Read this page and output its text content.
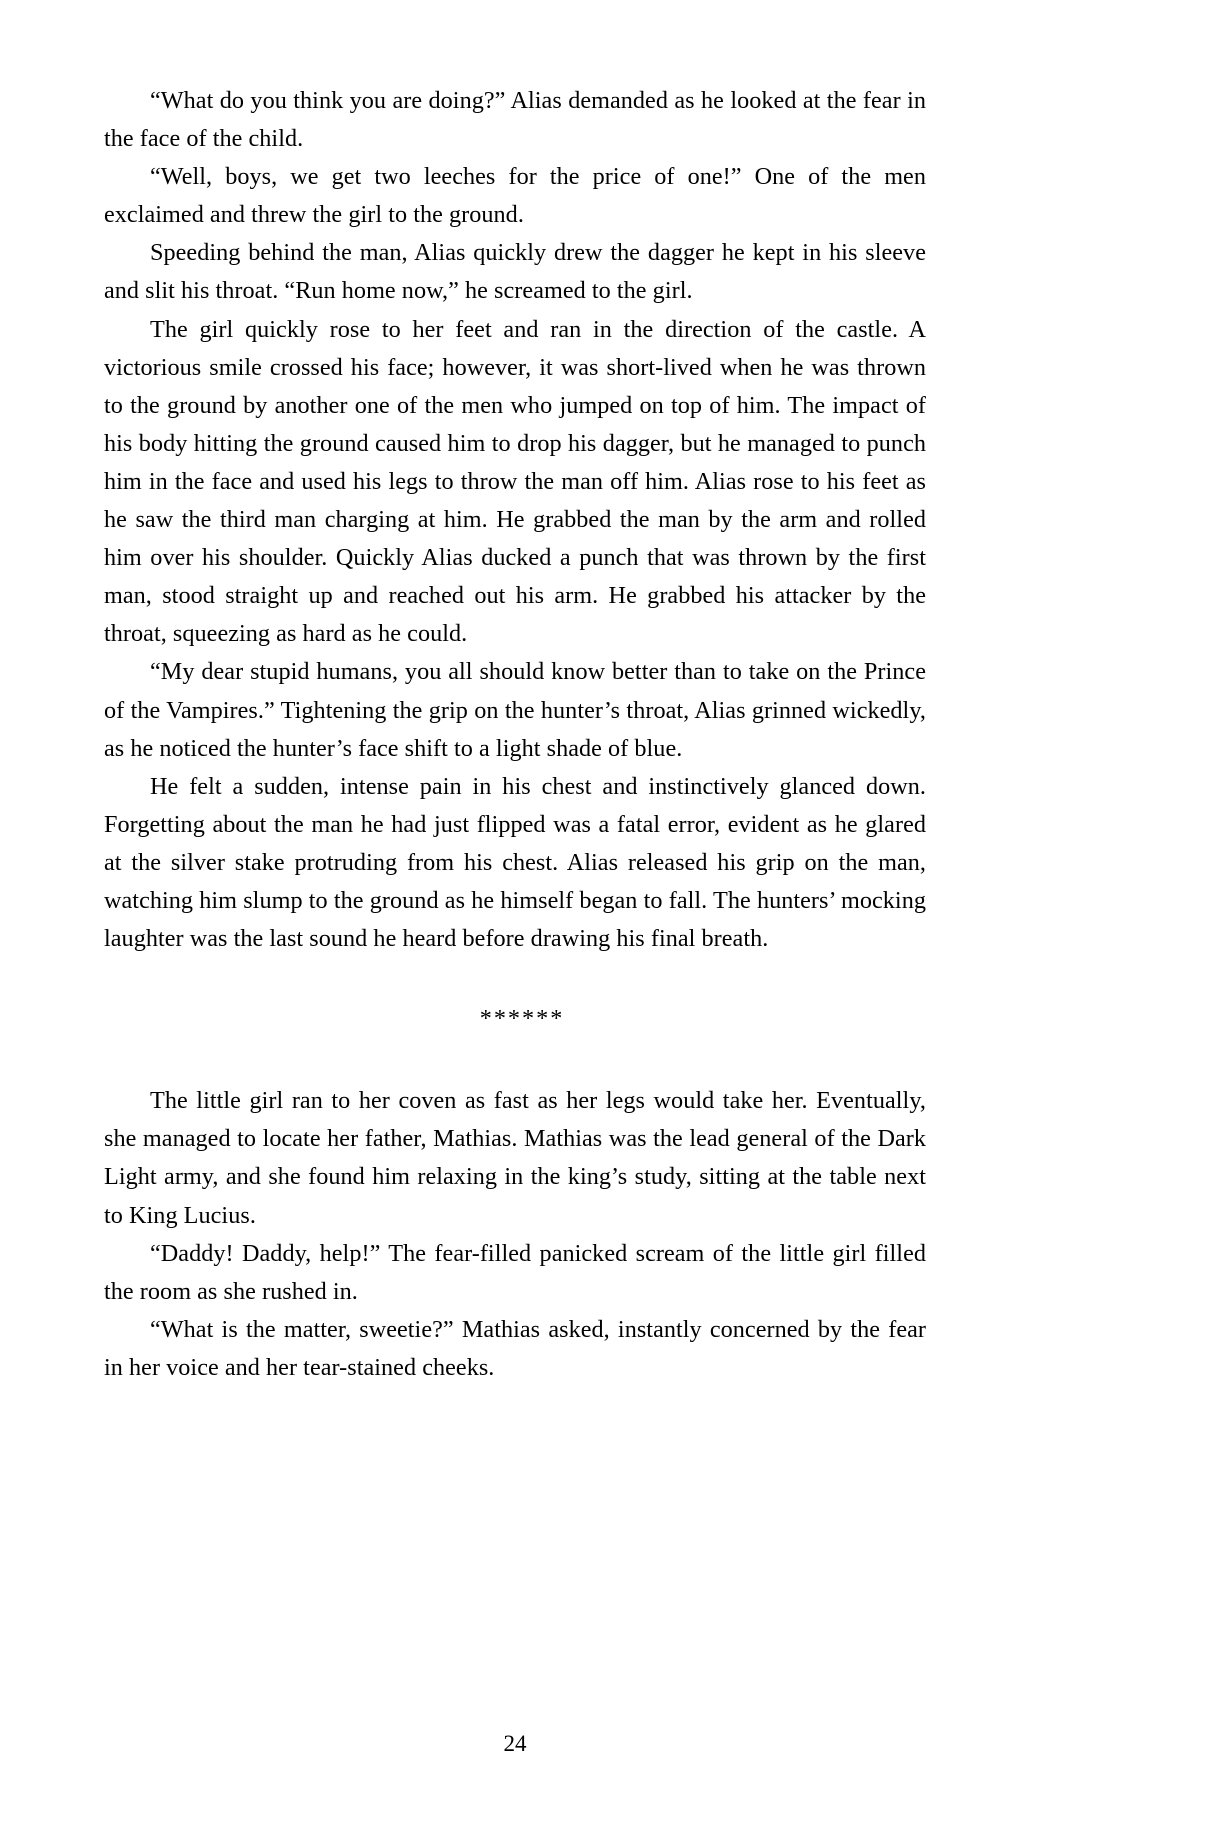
“What do you think you are doing?” Alias demanded as he looked at the fear in the face of the child.

“Well, boys, we get two leeches for the price of one!” One of the men exclaimed and threw the girl to the ground.

Speeding behind the man, Alias quickly drew the dagger he kept in his sleeve and slit his throat. “Run home now,” he screamed to the girl.

The girl quickly rose to her feet and ran in the direction of the castle. A victorious smile crossed his face; however, it was short-lived when he was thrown to the ground by another one of the men who jumped on top of him. The impact of his body hitting the ground caused him to drop his dagger, but he managed to punch him in the face and used his legs to throw the man off him. Alias rose to his feet as he saw the third man charging at him. He grabbed the man by the arm and rolled him over his shoulder. Quickly Alias ducked a punch that was thrown by the first man, stood straight up and reached out his arm. He grabbed his attacker by the throat, squeezing as hard as he could.

“My dear stupid humans, you all should know better than to take on the Prince of the Vampires.” Tightening the grip on the hunter’s throat, Alias grinned wickedly, as he noticed the hunter’s face shift to a light shade of blue.

He felt a sudden, intense pain in his chest and instinctively glanced down. Forgetting about the man he had just flipped was a fatal error, evident as he glared at the silver stake protruding from his chest. Alias released his grip on the man, watching him slump to the ground as he himself began to fall. The hunters’ mocking laughter was the last sound he heard before drawing his final breath.

******

The little girl ran to her coven as fast as her legs would take her. Eventually, she managed to locate her father, Mathias. Mathias was the lead general of the Dark Light army, and she found him relaxing in the king’s study, sitting at the table next to King Lucius.

“Daddy! Daddy, help!” The fear-filled panicked scream of the little girl filled the room as she rushed in.

“What is the matter, sweetie?” Mathias asked, instantly concerned by the fear in her voice and her tear-stained cheeks.

24
